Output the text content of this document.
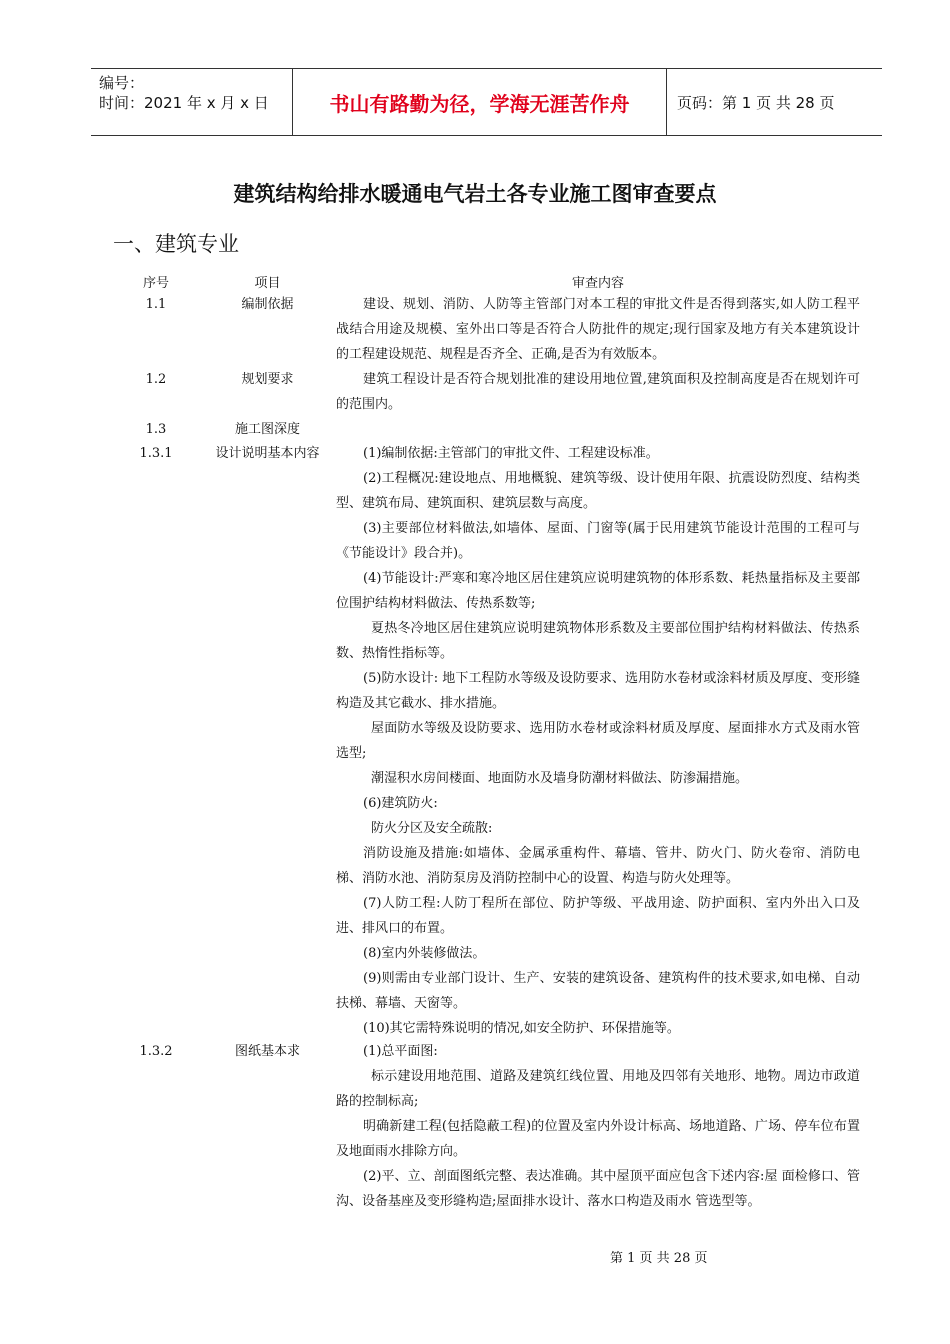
编号：
时间：2021 年 x 月 x 日	书山有路勤为径，学海无涯苦作舟	页码：第 1 页 共 28 页
建筑结构给排水暖通电气岩土各专业施工图审查要点
一、建筑专业
序号	项目	审查内容
1.1	编制依据	建设、规划、消防、人防等主管部门对本工程的审批文件是否得到落实,如人防工程平战结合用途及规模、室外出口等是否符合人防批件的规定;现行国家及地方有关本建筑设计的工程建设规范、规程是否齐全、正确,是否为有效版本。

1.2	规划要求	建筑工程设计是否符合规划批准的建设用地位置,建筑面积及控制高度是否在规划许可的范围内。

1.3	施工图深度
1.3.1	设计说明基本内容	(1)编制依据:主管部门的审批文件、工程建设标准。

(2)工程概况:建设地点、用地概貌、建筑等级、设计使用年限、抗震设防烈度、结构类型、建筑布局、建筑面积、建筑层数与高度。

(3)主要部位材料做法,如墙体、屋面、门窗等(属于民用建筑节能设计范围的工程可与《节能设计》段合并)。

(4)节能设计:严寒和寒冷地区居住建筑应说明建筑物的体形系数、耗热量指标及主要部位围护结构材料做法、传热系数等;

夏热冬冷地区居住建筑应说明建筑物体形系数及主要部位围护结构材料做法、传热系数、热惰性指标等。

(5)防水设计: 地下工程防水等级及设防要求、选用防水卷材或涂料材质及厚度、变形缝构造及其它截水、排水措施。

屋面防水等级及设防要求、选用防水卷材或涂料材质及厚度、屋面排水方式及雨水管选型;

潮湿积水房间楼面、地面防水及墙身防潮材料做法、防渗漏措施。

(6)建筑防火:

防火分区及安全疏散:

消防设施及措施:如墙体、金属承重构件、幕墙、管井、防火门、防火卷帘、消防电梯、消防水池、消防泵房及消防控制中心的设置、构造与防火处理等。

(7)人防工程:人防丁程所在部位、防护等级、平战用途、防护面积、室内外出入口及进、排风口的布置。

(8)室内外装修做法。

(9)则需由专业部门设计、生产、安装的建筑设备、建筑构件的技术要求,如电梯、自动扶梯、幕墙、天窗等。

(10)其它需特殊说明的情况,如安全防护、环保措施等。

1.3.2	图纸基本求	(1)总平面图:

标示建设用地范围、道路及建筑红线位置、用地及四邻有关地形、地物。周边市政道路的控制标高;

明确新建工程(包括隐蔽工程)的位置及室内外设计标高、场地道路、广场、停车位布置及地面雨水排除方向。

(2)平、立、剖面图纸完整、表达准确。其中屋顶平面应包含下述内容:屋 面检修口、管沟、设备基座及变形缝构造;屋面排水设计、落水口构造及雨水 管选型等。

第 1 页 共 28 页
